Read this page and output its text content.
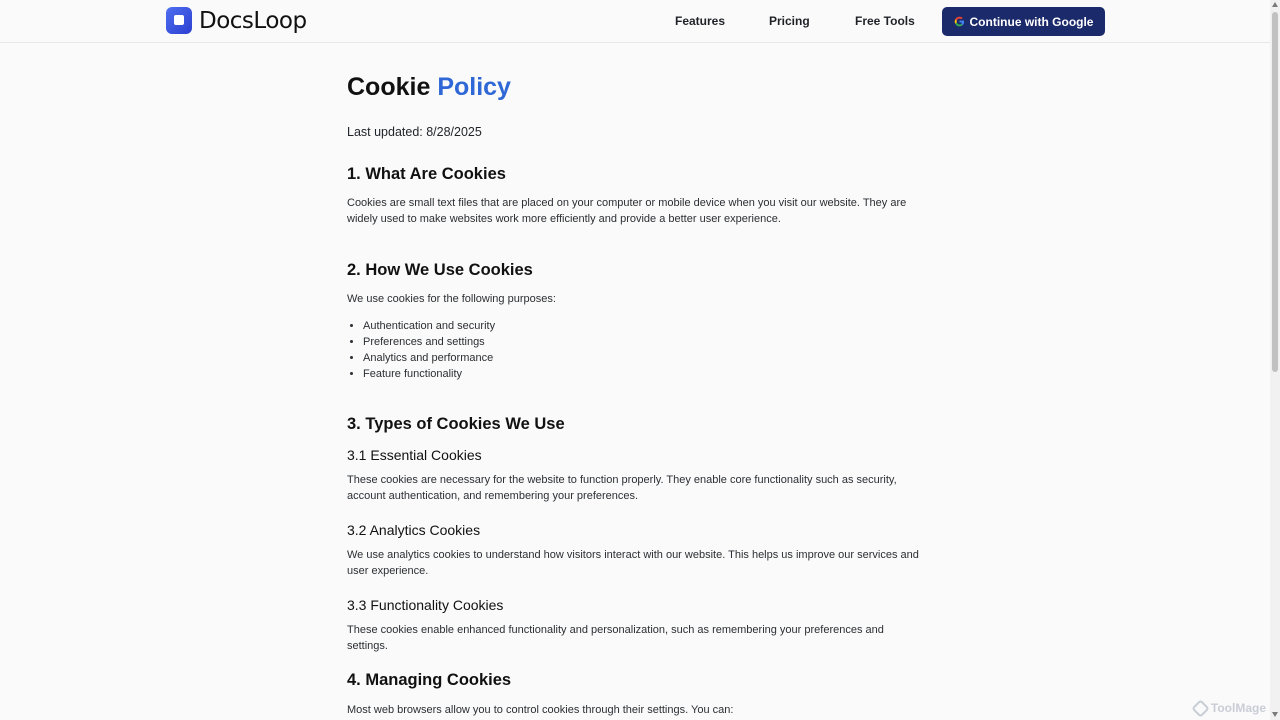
DocsLoop	Features	Pricing	Free Tools	Continue with Google
Cookie Policy
Last updated: 8/28/2025
1. What Are Cookies

Cookies are small text files that are placed on your computer or mobile device when you visit our website. They are widely used to make websites work more efficiently and provide a better user experience.

2. How We Use Cookies

We use cookies for the following purposes:

• Authentication and security
• Preferences and settings
• Analytics and performance
• Feature functionality
3. Types of Cookies We Use
3.1 Essential Cookies

These cookies are necessary for the website to function properly. They enable core functionality such as security, account authentication, and remembering your preferences.

3.2 Analytics Cookies

We use analytics cookies to understand how visitors interact with our website. This helps us improve our services and user experience.

3.3 Functionality Cookies

These cookies enable enhanced functionality and personalization, such as remembering your preferences and settings.

4. Managing Cookies

Most web browsers allow you to control cookies through their settings. You can:	ToolMage
